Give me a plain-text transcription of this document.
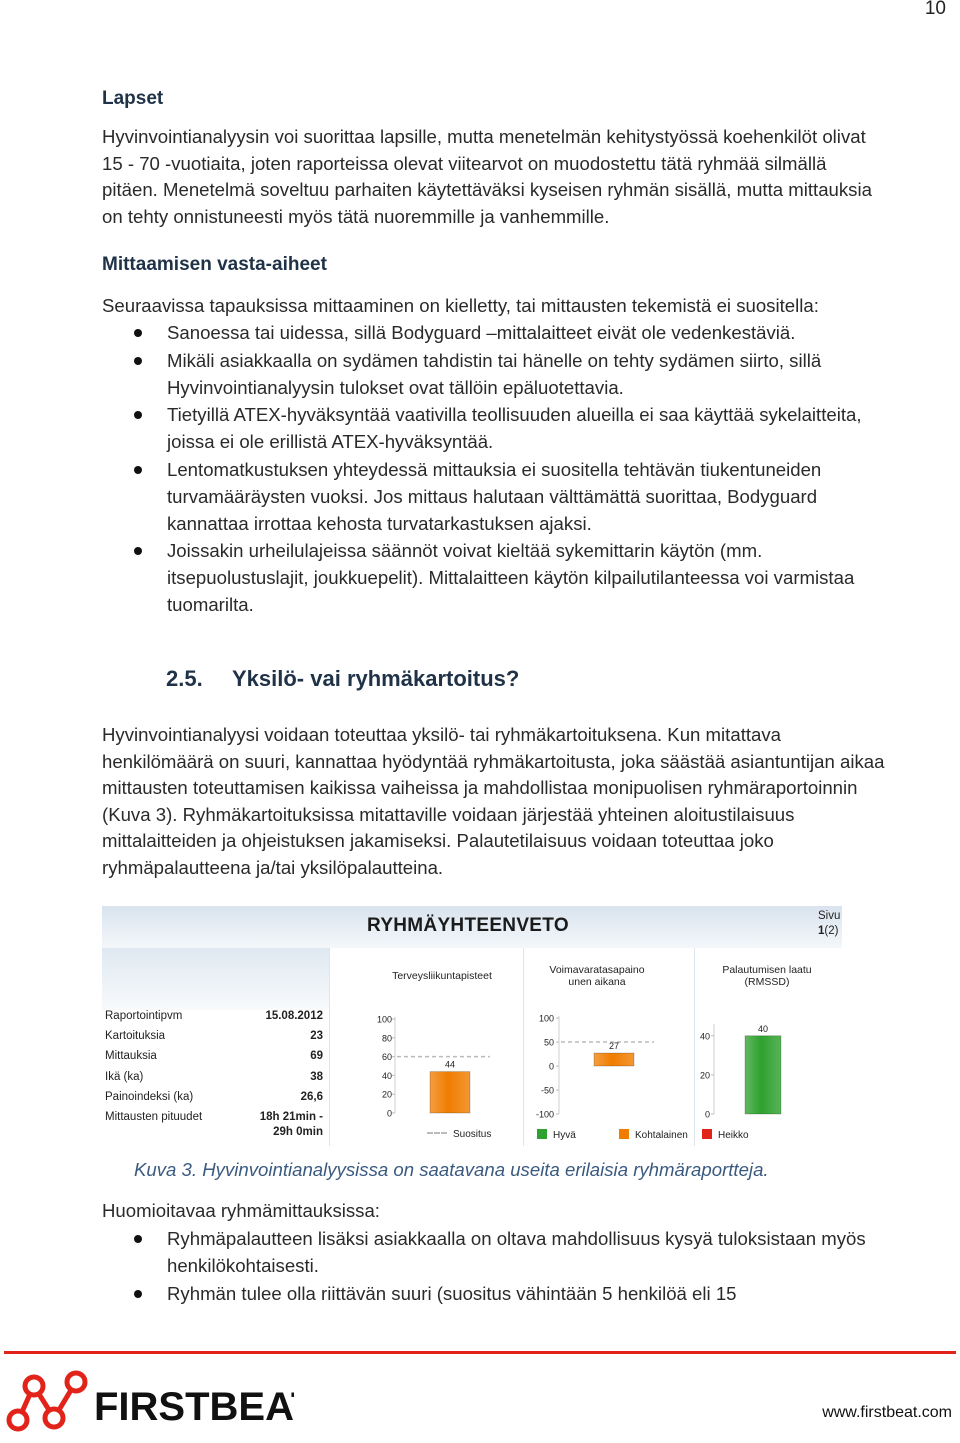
10
Lapset
Hyvinvointianalyysin voi suorittaa lapsille, mutta menetelmän kehitystyössä koehenkilöt olivat
15 - 70 -vuotiaita, joten raporteissa olevat viitearvot on muodostettu tätä ryhmää silmällä
pitäen. Menetelmä soveltuu parhaiten käytettäväksi kyseisen ryhmän sisällä, mutta mittauksia
on tehty onnistuneesti myös tätä nuoremmille ja vanhemmille.
Mittaamisen vasta-aiheet
Seuraavissa tapauksissa mittaaminen on kielletty, tai mittausten tekemistä ei suositella:
Sanoessa tai uidessa, sillä Bodyguard –mittalaitteet eivät ole vedenkestäviä.
Mikäli asiakkaalla on sydämen tahdistin tai hänelle on tehty sydämen siirto, sillä
Hyvinvointianalyysin tulokset ovat tällöin epäluotettavia.
Tietyillä ATEX-hyväksyntää vaativilla teollisuuden alueilla ei saa käyttää sykelaitteita,
joissa ei ole erillistä ATEX-hyväksyntää.
Lentomatkustuksen yhteydessä mittauksia ei suositella tehtävän tiukentuneiden
turvamääräysten vuoksi. Jos mittaus halutaan välttämättä suorittaa, Bodyguard
kannattaa irrottaa kehosta turvatarkastuksen ajaksi.
Joissakin urheilulajeissa säännöt voivat kieltää sykemittarin käytön (mm.
itsepuolustuslajit, joukkuepelit). Mittalaitteen käytön kilpailutilanteessa voi varmistaa
tuomarilta.
2.5. Yksilö- vai ryhmäkartoitus?
Hyvinvointianalyysi voidaan toteuttaa yksilö- tai ryhmäkartoituksena. Kun mitattava
henkilömäärä on suuri, kannattaa hyödyntää ryhmäkartoitusta, joka säästää asiantuntijan aikaa
mittausten toteuttamisen kaikissa vaiheissa ja mahdollistaa monipuolisen ryhmäraportoinnin
(Kuva 3). Ryhmäkartoituksissa mitattaville voidaan järjestää yhteinen aloitustilaisuus
mittalaitteiden ja ohjeistuksen jakamiseksi. Palautetilaisuus voidaan toteuttaa joko
ryhmäpalautteena ja/tai yksilöpalautteina.
RYHMÄYHTEENVETO	Sivu
1(2)
Raportointipvm	15.08.2012
Kartoituksia	23
Mittauksia	69
Ikä (ka)	38
Painoindeksi (ka)	26,6
Mittausten pituudet	18h 21min -
29h 0min
Terveysliikuntapisteet	Voimavaratasapaino
unen aikana
Palautumisen laatu
(RMSSD)
0
20
40
60
80
100
44
-100
-50
0
50
100
27
0
20
40
40
Suositus	Hyvä	Kohtalainen	Heikko
Kuva 3. Hyvinvointianalyysissa on saatavana useita erilaisia ryhmäraportteja.
Huomioitavaa ryhmämittauksissa:
Ryhmäpalautteen lisäksi asiakkaalla on oltava mahdollisuus kysyä tuloksistaan myös
henkilökohtaisesti.
Ryhmän tulee olla riittävän suuri (suositus vähintään 5 henkilöä eli 15
FIRSTBEAT	www.firstbeat.com
